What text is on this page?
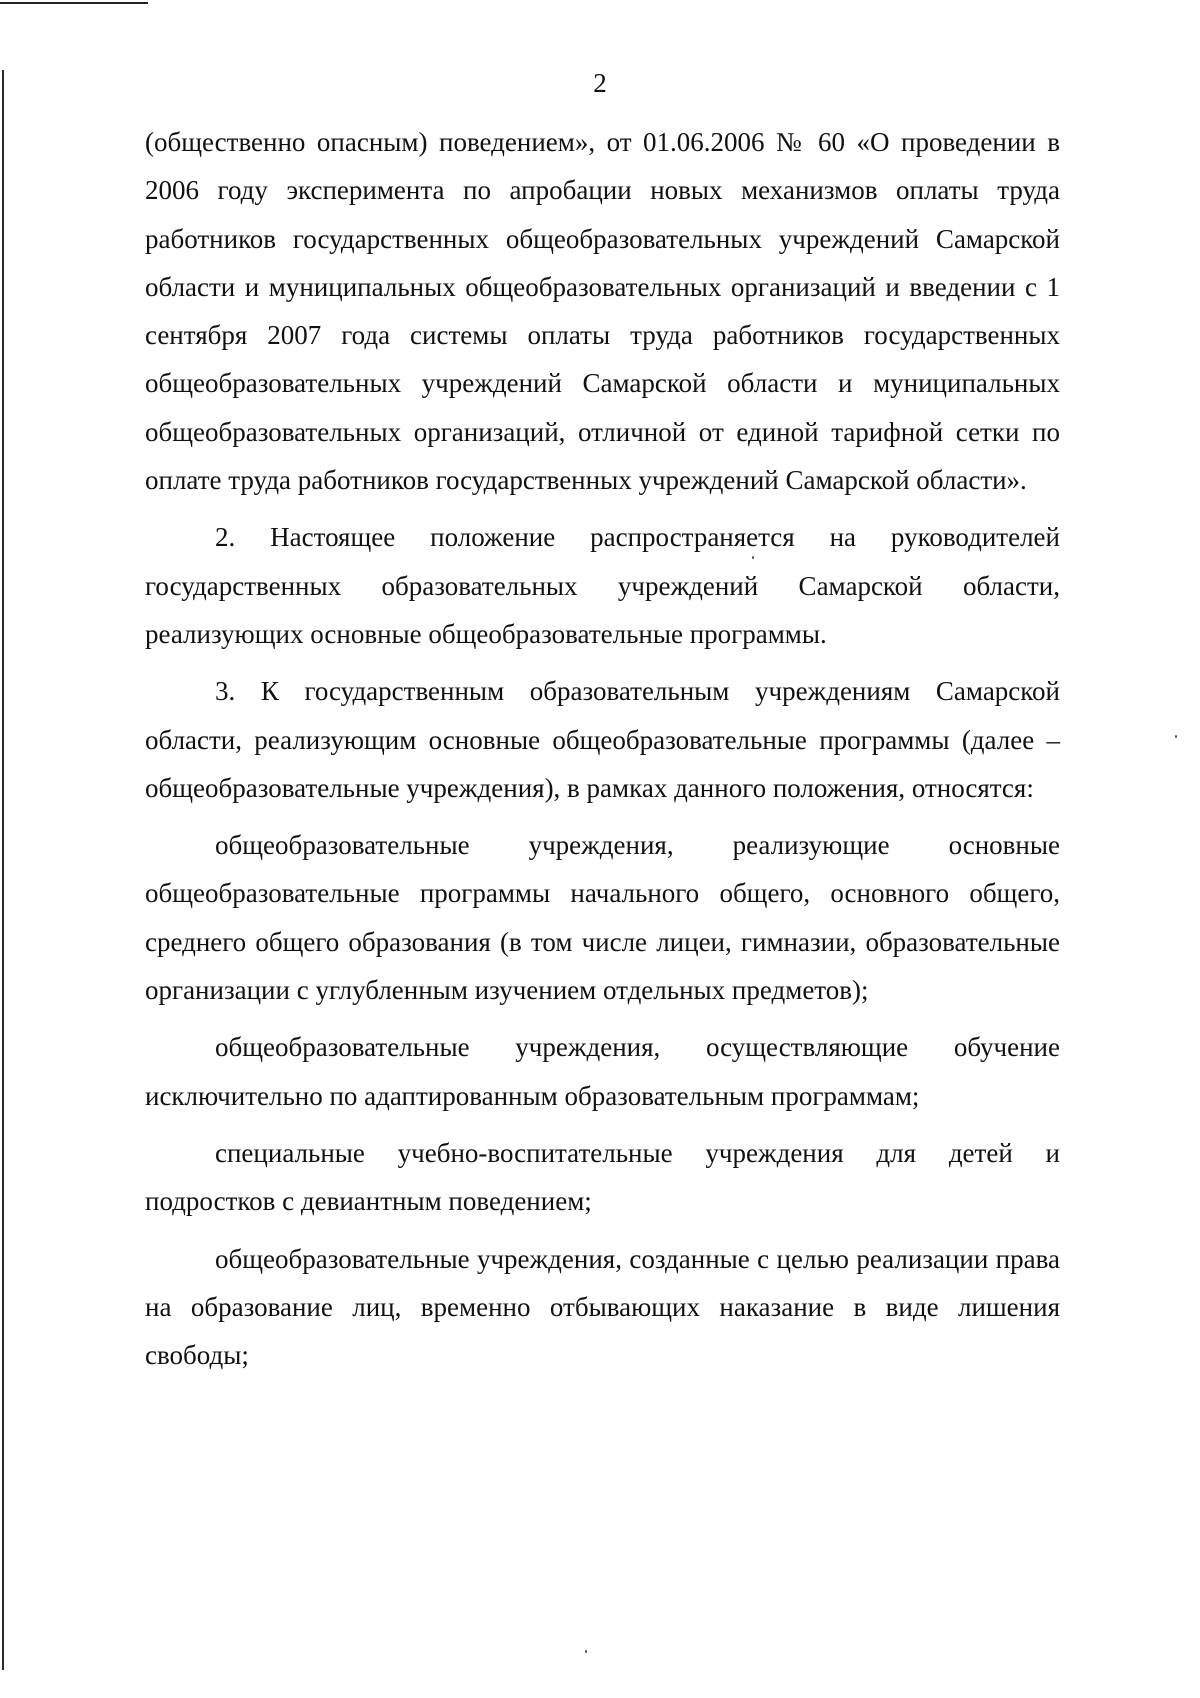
2

(общественно опасным) поведением», от 01.06.2006 № 60 «О проведении в 2006 году эксперимента по апробации новых механизмов оплаты труда работников государственных общеобразовательных учреждений Самарской области и муниципальных общеобразовательных организаций и введении с 1 сентября 2007 года системы оплаты труда работников государственных общеобразовательных учреждений Самарской области и муниципальных общеобразовательных организаций, отличной от единой тарифной сетки по оплате труда работников государственных учреждений Самарской области».

2. Настоящее положение распространяется на руководителей государственных образовательных учреждений Самарской области, реализующих основные общеобразовательные программы.

3. К государственным образовательным учреждениям Самарской области, реализующим основные общеобразовательные программы (далее – общеобразовательные учреждения), в рамках данного положения, относятся:

общеобразовательные учреждения, реализующие основные общеобразовательные программы начального общего, основного общего, среднего общего образования (в том числе лицеи, гимназии, образовательные организации с углубленным изучением отдельных предметов);

общеобразовательные учреждения, осуществляющие обучение исключительно по адаптированным образовательным программам;

специальные учебно-воспитательные учреждения для детей и подростков с девиантным поведением;

общеобразовательные учреждения, созданные с целью реализации права на образование лиц, временно отбывающих наказание в виде лишения свободы;
